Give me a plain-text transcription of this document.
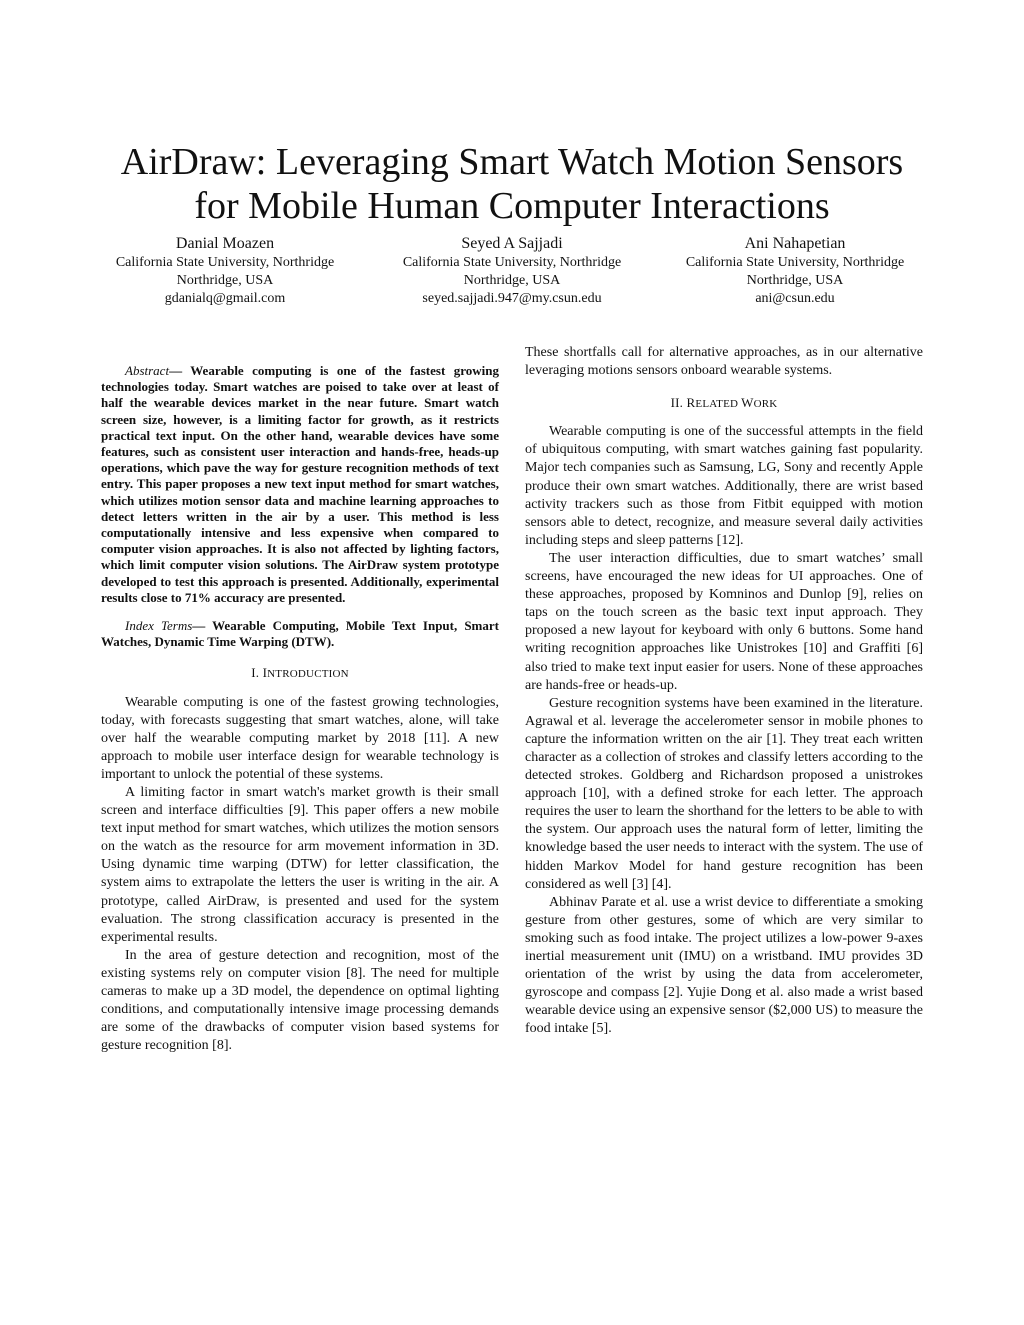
AirDraw: Leveraging Smart Watch Motion Sensors
for Mobile Human Computer Interactions
Danial Moazen
California State University, Northridge
Northridge, USA
gdanialq@gmail.com
Seyed A Sajjadi
California State University, Northridge
Northridge, USA
seyed.sajjadi.947@my.csun.edu
Ani Nahapetian
California State University, Northridge
Northridge, USA
ani@csun.edu

Abstract— Wearable computing is one of the fastest growing technologies today. Smart watches are poised to take over at least of half the wearable devices market in the near future. Smart watch screen size, however, is a limiting factor for growth, as it restricts practical text input. On the other hand, wearable devices have some features, such as consistent user interaction and hands-free, heads-up operations, which pave the way for gesture recognition methods of text entry. This paper proposes a new text input method for smart watches, which utilizes motion sensor data and machine learning approaches to detect letters written in the air by a user. This method is less computationally intensive and less expensive when compared to computer vision approaches. It is also not affected by lighting factors, which limit computer vision solutions. The AirDraw system prototype developed to test this approach is presented. Additionally, experimental results close to 71% accuracy are presented.

Index Terms— Wearable Computing, Mobile Text Input, Smart Watches, Dynamic Time Warping (DTW).

I. INTRODUCTION

Wearable computing is one of the fastest growing technologies, today, with forecasts suggesting that smart watches, alone, will take over half the wearable computing market by 2018 [11]. A new approach to mobile user interface design for wearable technology is important to unlock the potential of these systems.

A limiting factor in smart watch's market growth is their small screen and interface difficulties [9]. This paper offers a new mobile text input method for smart watches, which utilizes the motion sensors on the watch as the resource for arm movement information in 3D. Using dynamic time warping (DTW) for letter classification, the system aims to extrapolate the letters the user is writing in the air. A prototype, called AirDraw, is presented and used for the system evaluation. The strong classification accuracy is presented in the experimental results.

In the area of gesture detection and recognition, most of the existing systems rely on computer vision [8]. The need for multiple cameras to make up a 3D model, the dependence on optimal lighting conditions, and computationally intensive image processing demands are some of the drawbacks of computer vision based systems for gesture recognition [8].

These shortfalls call for alternative approaches, as in our alternative leveraging motions sensors onboard wearable systems.

II. RELATED WORK

Wearable computing is one of the successful attempts in the field of ubiquitous computing, with smart watches gaining fast popularity. Major tech companies such as Samsung, LG, Sony and recently Apple produce their own smart watches. Additionally, there are wrist based activity trackers such as those from Fitbit equipped with motion sensors able to detect, recognize, and measure several daily activities including steps and sleep patterns [12].

The user interaction difficulties, due to smart watches’ small screens, have encouraged the new ideas for UI approaches. One of these approaches, proposed by Komninos and Dunlop [9], relies on taps on the touch screen as the basic text input approach. They proposed a new layout for keyboard with only 6 buttons. Some hand writing recognition approaches like Unistrokes [10] and Graffiti [6] also tried to make text input easier for users. None of these approaches are hands-free or heads-up.

Gesture recognition systems have been examined in the literature. Agrawal et al. leverage the accelerometer sensor in mobile phones to capture the information written on the air [1]. They treat each written character as a collection of strokes and classify letters according to the detected strokes. Goldberg and Richardson proposed a unistrokes approach [10], with a defined stroke for each letter. The approach requires the user to learn the shorthand for the letters to be able to with the system. Our approach uses the natural form of letter, limiting the knowledge based the user needs to interact with the system. The use of hidden Markov Model for hand gesture recognition has been considered as well [3] [4].

Abhinav Parate et al. use a wrist device to differentiate a smoking gesture from other gestures, some of which are very similar to smoking such as food intake. The project utilizes a low-power 9-axes inertial measurement unit (IMU) on a wristband. IMU provides 3D orientation of the wrist by using the data from accelerometer, gyroscope and compass [2]. Yujie Dong et al. also made a wrist based wearable device using an expensive sensor ($2,000 US) to measure the food intake [5].
